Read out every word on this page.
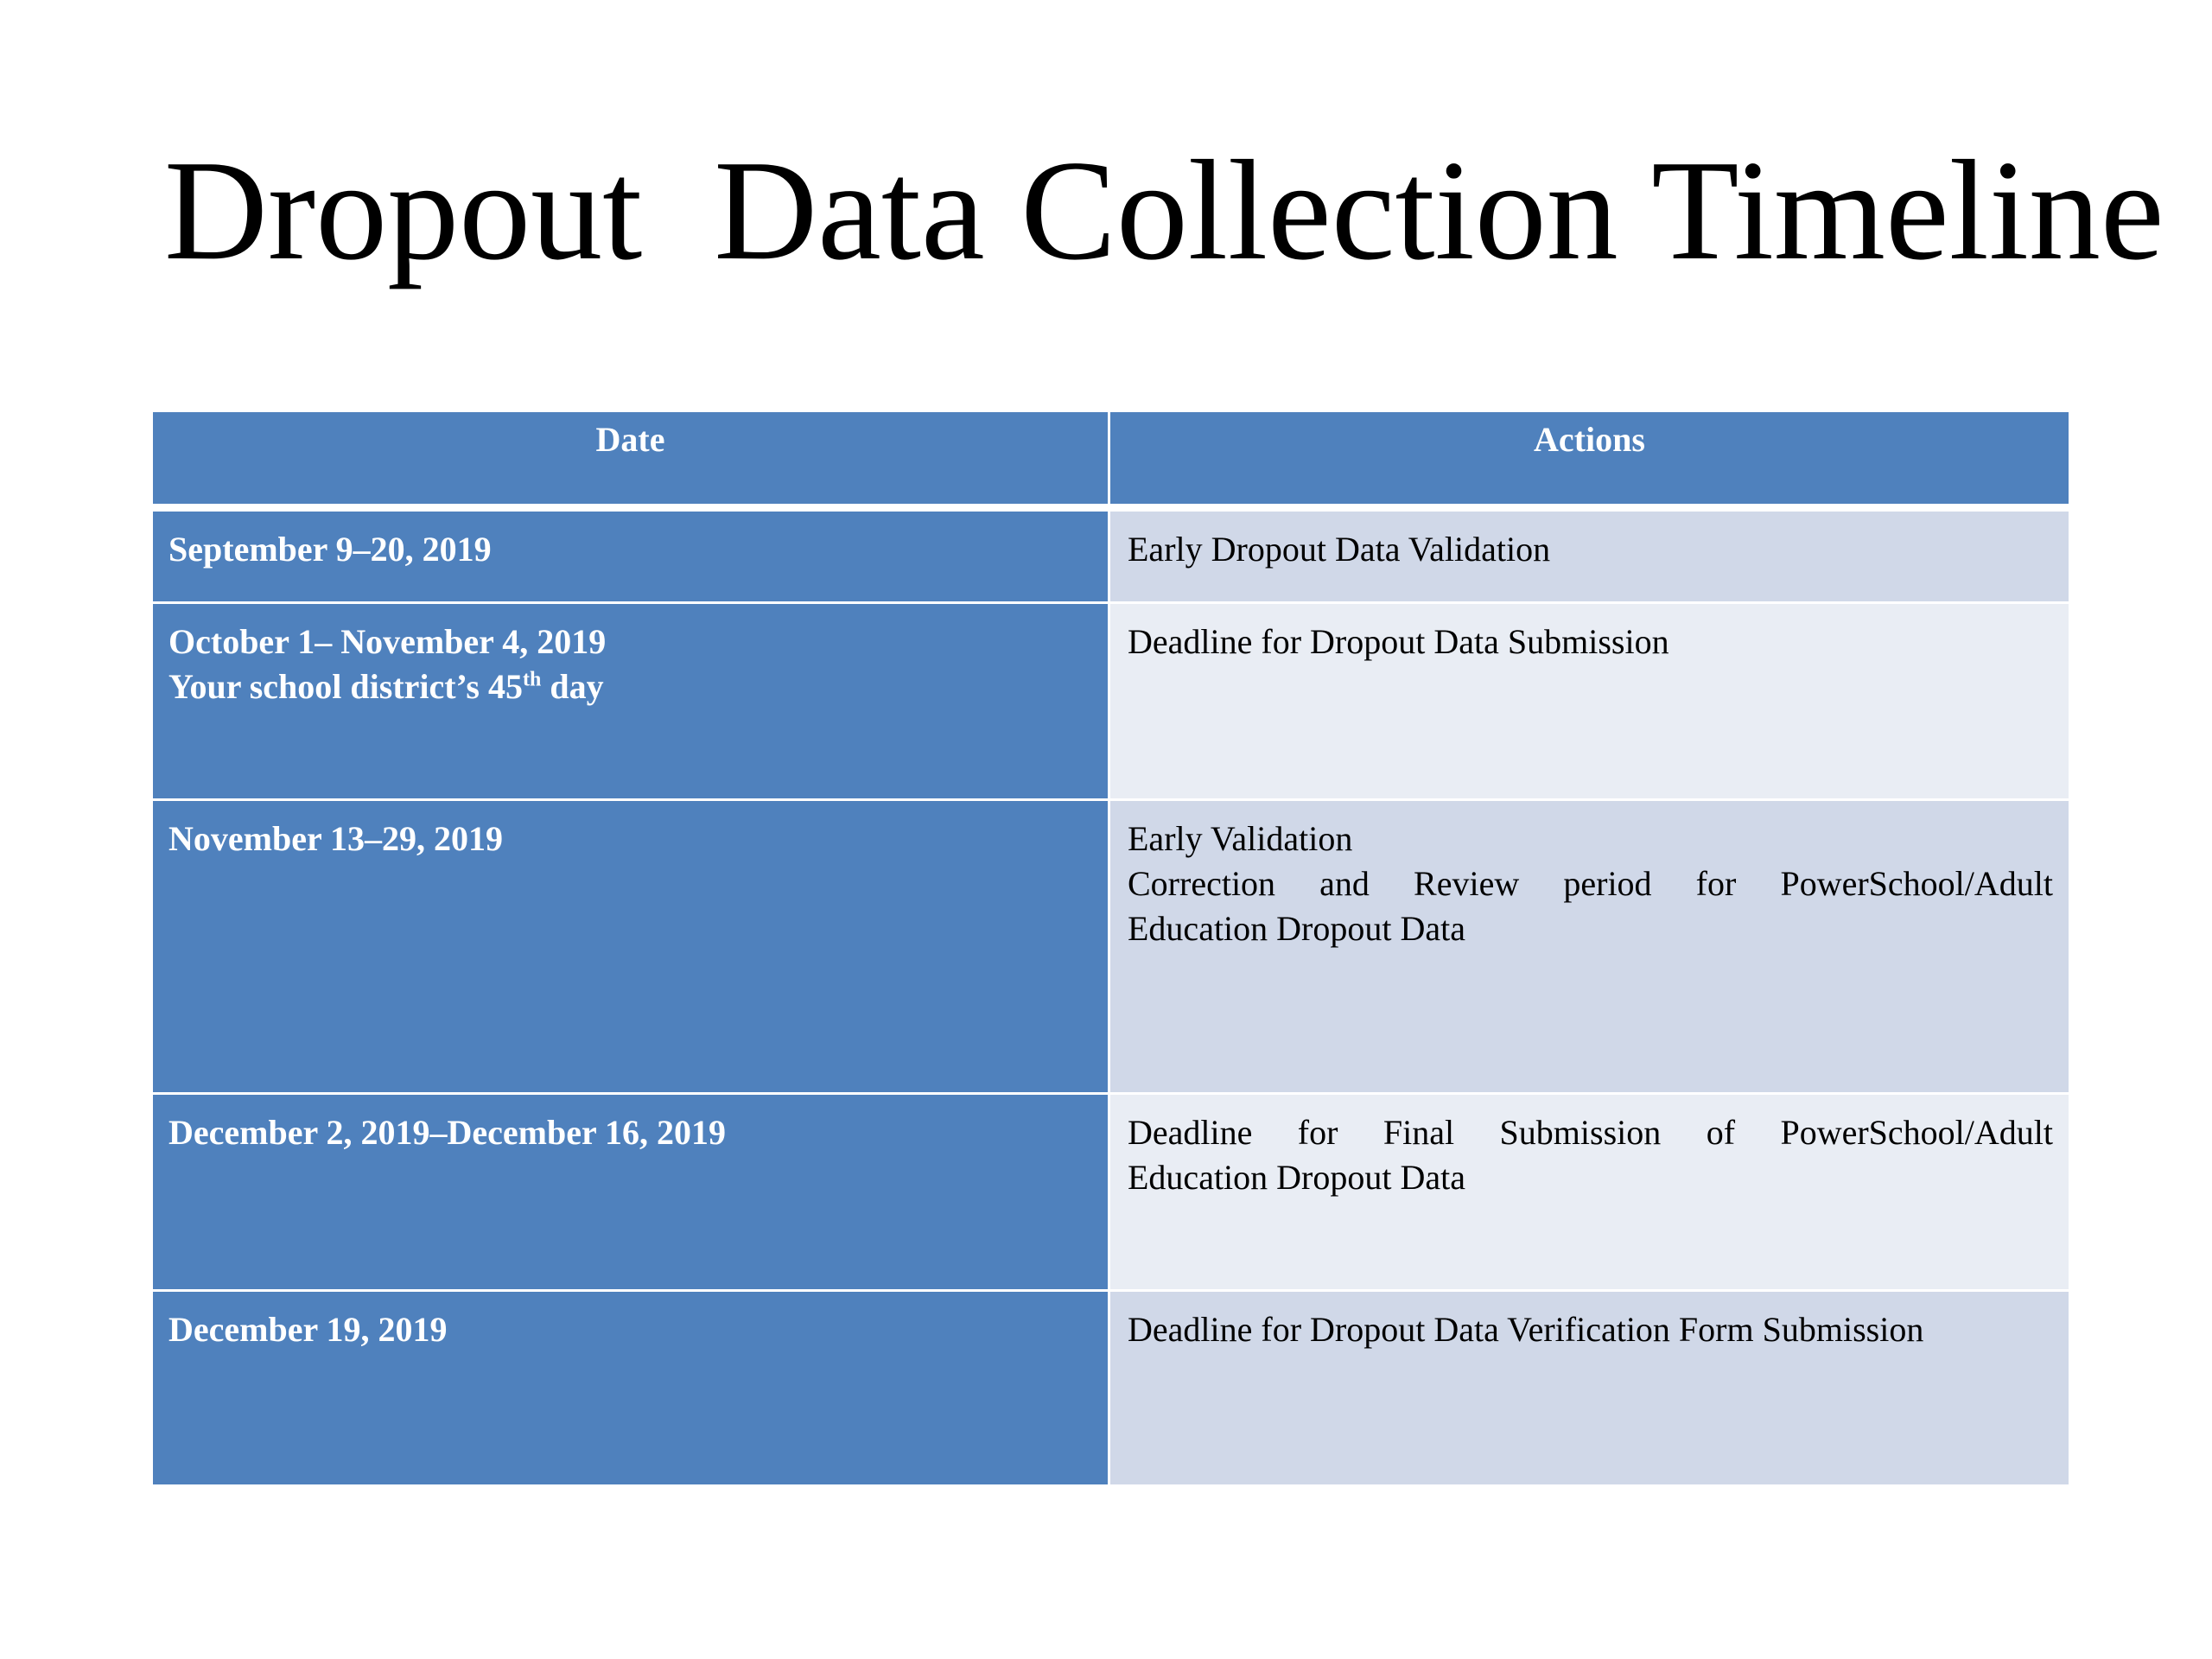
Dropout  Data Collection Timeline
Date	Actions

September 9–20, 2019	Early Dropout Data Validation

October 1– November 4, 2019
Your school district’s 45th day	Deadline for Dropout Data Submission

November 13–29, 2019	Early Validation
Correction and Review period for PowerSchool/Adult
Education Dropout Data

December 2, 2019–December 16, 2019	Deadline for Final Submission of PowerSchool/Adult
Education Dropout Data

December 19, 2019	Deadline for Dropout Data Verification Form Submission
